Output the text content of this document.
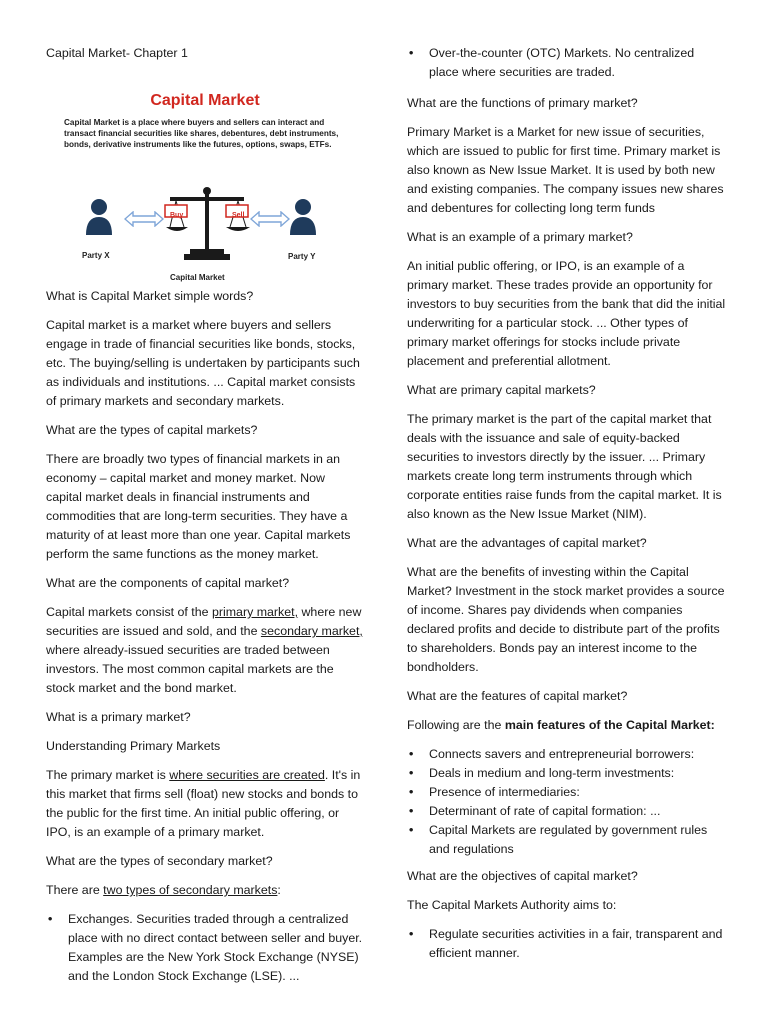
Capital Market- Chapter 1

Capital Market
Capital Market is a place where buyers and sellers can interact and transact financial securities like shares, debentures, debt instruments, bonds, derivative instruments like the futures, options, swaps, ETFs.
Party X
Buy	Sell
Party Y
Capital Market

What is Capital Market simple words?

Capital market is a market where buyers and sellers engage in trade of financial securities like bonds, stocks, etc. The buying/selling is undertaken by participants such as individuals and institutions. ... Capital market consists of primary markets and secondary markets.

What are the types of capital markets?

There are broadly two types of financial markets in an economy – capital market and money market. Now capital market deals in financial instruments and commodities that are long-term securities. They have a maturity of at least more than one year. Capital markets perform the same functions as the money market.

What are the components of capital market?

Capital markets consist of the primary market, where new securities are issued and sold, and the secondary market, where already-issued securities are traded between investors. The most common capital markets are the stock market and the bond market.

What is a primary market?

Understanding Primary Markets

The primary market is where securities are created. It's in this market that firms sell (float) new stocks and bonds to the public for the first time. An initial public offering, or IPO, is an example of a primary market.

What are the types of secondary market?

There are two types of secondary markets:

• Exchanges. Securities traded through a centralized place with no direct contact between seller and buyer. Examples are the New York Stock Exchange (NYSE) and the London Stock Exchange (LSE). ...
• Over-the-counter (OTC) Markets. No centralized place where securities are traded.

What are the functions of primary market?

Primary Market is a Market for new issue of securities, which are issued to public for first time. Primary market is also known as New Issue Market. It is used by both new and existing companies. The company issues new shares and debentures for collecting long term funds

What is an example of a primary market?

An initial public offering, or IPO, is an example of a primary market. These trades provide an opportunity for investors to buy securities from the bank that did the initial underwriting for a particular stock. ... Other types of primary market offerings for stocks include private placement and preferential allotment.

What are primary capital markets?

The primary market is the part of the capital market that deals with the issuance and sale of equity-backed securities to investors directly by the issuer. ... Primary markets create long term instruments through which corporate entities raise funds from the capital market. It is also known as the New Issue Market (NIM).

What are the advantages of capital market?

What are the benefits of investing within the Capital Market? Investment in the stock market provides a source of income. Shares pay dividends when companies declared profits and decide to distribute part of the profits to shareholders. Bonds pay an interest income to the bondholders.

What are the features of capital market?

Following are the main features of the Capital Market:

• Connects savers and entrepreneurial borrowers:
• Deals in medium and long-term investments:
• Presence of intermediaries:
• Determinant of rate of capital formation: ...
• Capital Markets are regulated by government rules and regulations

What are the objectives of capital market?

The Capital Markets Authority aims to:

• Regulate securities activities in a fair, transparent and efficient manner.
